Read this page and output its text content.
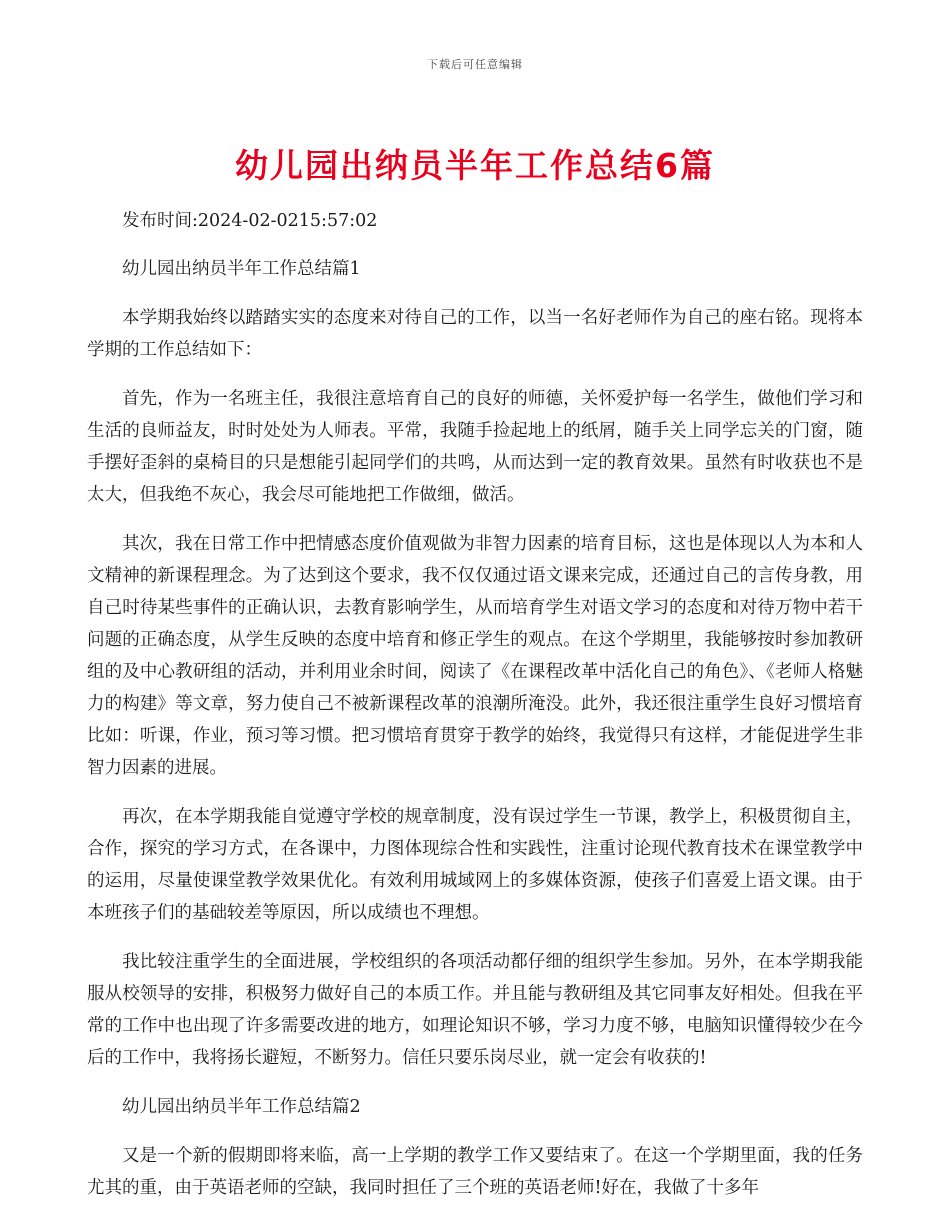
下载后可任意编辑
幼儿园出纳员半年工作总结6篇

发布时间:2024-02-0215:57:02

幼儿园出纳员半年工作总结篇1

本学期我始终以踏踏实实的态度来对待自己的工作，以当一名好老师作为自己的座右铭。现将本学期的工作总结如下：

首先，作为一名班主任，我很注意培育自己的良好的师德，关怀爱护每一名学生，做他们学习和生活的良师益友，时时处处为人师表。平常，我随手捡起地上的纸屑，随手关上同学忘关的门窗，随手摆好歪斜的桌椅目的只是想能引起同学们的共鸣，从而达到一定的教育效果。虽然有时收获也不是太大，但我绝不灰心，我会尽可能地把工作做细，做活。

其次，我在日常工作中把情感态度价值观做为非智力因素的培育目标，这也是体现以人为本和人文精神的新课程理念。为了达到这个要求，我不仅仅通过语文课来完成，还通过自己的言传身教，用自己时待某些事件的正确认识，去教育影响学生，从而培育学生对语文学习的态度和对待万物中若干问题的正确态度，从学生反映的态度中培育和修正学生的观点。在这个学期里，我能够按时参加教研组的及中心教研组的活动，并利用业余时间，阅读了《在课程改革中活化自己的角色》、《老师人格魅力的构建》等文章，努力使自己不被新课程改革的浪潮所淹没。此外，我还很注重学生良好习惯培育比如：听课，作业，预习等习惯。把习惯培育贯穿于教学的始终，我觉得只有这样，才能促进学生非智力因素的进展。

再次，在本学期我能自觉遵守学校的规章制度，没有误过学生一节课，教学上，积极贯彻自主，合作，探究的学习方式，在各课中，力图体现综合性和实践性，注重讨论现代教育技术在课堂教学中的运用，尽量使课堂教学效果优化。有效利用城域网上的多媒体资源，使孩子们喜爱上语文课。由于本班孩子们的基础较差等原因，所以成绩也不理想。

我比较注重学生的全面进展，学校组织的各项活动都仔细的组织学生参加。另外，在本学期我能服从校领导的安排，积极努力做好自己的本质工作。并且能与教研组及其它同事友好相处。但我在平常的工作中也出现了许多需要改进的地方，如理论知识不够，学习力度不够，电脑知识懂得较少在今后的工作中，我将扬长避短，不断努力。信任只要乐岗尽业，就一定会有收获的!

幼儿园出纳员半年工作总结篇2

又是一个新的假期即将来临，高一上学期的教学工作又要结束了。在这一个学期里面，我的任务尤其的重，由于英语老师的空缺，我同时担任了三个班的英语老师!好在，我做了十多年
